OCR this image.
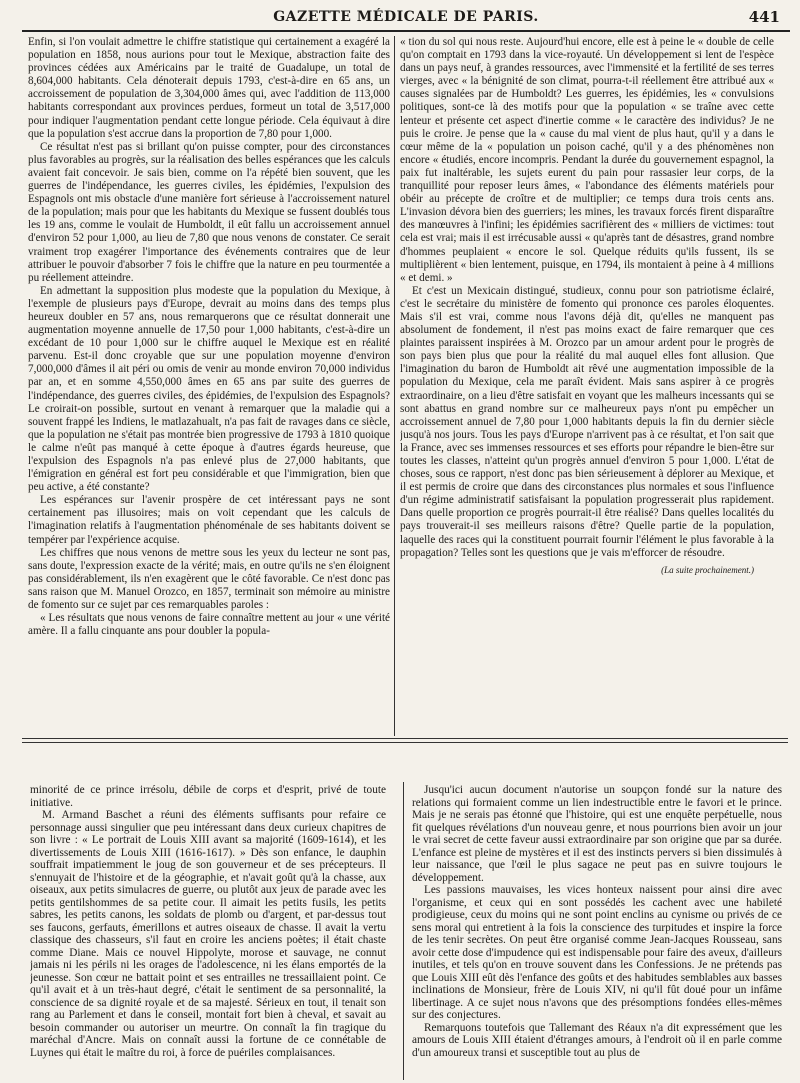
GAZETTE MÉDICALE DE PARIS.	441

Enfin, si l'on voulait admettre le chiffre statistique qui certainement a exagéré la population en 1858, nous aurions pour tout le Mexique, abstraction faite des provinces cédées aux Américains par le traité de Guadalupe, un total de 8,604,000 habitants. Cela dénoterait depuis 1793, c'est-à-dire en 65 ans, un accroissement de population de 3,304,000 âmes qui, avec l'addition de 113,000 habitants correspondant aux provinces perdues, formeut un total de 3,517,000 pour indiquer l'augmentation pendant cette longue période. Cela équivaut à dire que la population s'est accrue dans la proportion de 7,80 pour 1,000.

Ce résultat n'est pas si brillant qu'on puisse compter, pour des circonstances plus favorables au progrès, sur la réalisation des belles espérances que les calculs avaient fait concevoir. Je sais bien, comme on l'a répété bien souvent, que les guerres de l'indépendance, les guerres civiles, les épidémies, l'expulsion des Espagnols ont mis obstacle d'une manière fort sérieuse à l'accroissement naturel de la population; mais pour que les habitants du Mexique se fussent doublés tous les 19 ans, comme le voulait de Humboldt, il eût fallu un accroissement annuel d'environ 52 pour 1,000, au lieu de 7,80 que nous venons de constater. Ce serait vraiment trop exagérer l'importance des événements contraires que de leur attribuer le pouvoir d'absorber 7 fois le chiffre que la nature en peu tourmentée a pu réellement atteindre.

En admettant la supposition plus modeste que la population du Mexique, à l'exemple de plusieurs pays d'Europe, devrait au moins dans des temps plus heureux doubler en 57 ans, nous remarquerons que ce résultat donnerait une augmentation moyenne annuelle de 17,50 pour 1,000 habitants, c'est-à-dire un excédant de 10 pour 1,000 sur le chiffre auquel le Mexique est en réalité parvenu. Est-il donc croyable que sur une population moyenne d'environ 7,000,000 d'âmes il ait péri ou omis de venir au monde environ 70,000 individus par an, et en somme 4,550,000 âmes en 65 ans par suite des guerres de l'indépendance, des guerres civiles, des épidémies, de l'expulsion des Espagnols? Le croirait-on possible, surtout en venant à remarquer que la maladie qui a souvent frappé les Indiens, le matlazahualt, n'a pas fait de ravages dans ce siècle, que la population ne s'était pas montrée bien progressive de 1793 à 1810 quoique le calme n'eût pas manqué à cette époque à d'autres égards heureuse, que l'expulsion des Espagnols n'a pas enlevé plus de 27,000 habitants, que l'émigration en général est fort peu considérable et que l'immigration, bien que peu active, a été constante?

Les espérances sur l'avenir prospère de cet intéressant pays ne sont certainement pas illusoires; mais on voit cependant que les calculs de l'imagination relatifs à l'augmentation phénoménale de ses habitants doivent se tempérer par l'expérience acquise.

Les chiffres que nous venons de mettre sous les yeux du lecteur ne sont pas, sans doute, l'expression exacte de la vérité; mais, en outre qu'ils ne s'en éloignent pas considérablement, ils n'en exagèrent que le côté favorable. Ce n'est donc pas sans raison que M. Manuel Orozco, en 1857, terminait son mémoire au ministre de fomento sur ce sujet par ces remarquables paroles :

« Les résultats que nous venons de faire connaître mettent au jour « une vérité amère. Il a fallu cinquante ans pour doubler la popula-

« tion du sol qui nous reste. Aujourd'hui encore, elle est à peine le « double de celle qu'on comptait en 1793 dans la vice-royauté. Un développement si lent de l'espèce dans un pays neuf, à grandes ressources, avec l'immensité et la fertilité de ses terres vierges, avec « la bénignité de son climat, pourra-t-il réellement être attribué aux « causes signalées par de Humboldt? Les guerres, les épidémies, les « convulsions politiques, sont-ce là des motifs pour que la population « se traîne avec cette lenteur et présente cet aspect d'inertie comme « le caractère des individus? Je ne puis le croire. Je pense que la « cause du mal vient de plus haut, qu'il y a dans le cœur même de la « population un poison caché, qu'il y a des phénomènes non encore « étudiés, encore incompris. Pendant la durée du gouvernement espagnol, la paix fut inaltérable, les sujets eurent du pain pour rassasier leur corps, de la tranquillité pour reposer leurs âmes, « l'abondance des éléments matériels pour obéir au précepte de croître et de multiplier; ce temps dura trois cents ans. L'invasion dévora bien des guerriers; les mines, les travaux forcés firent disparaître des manœuvres à l'infini; les épidémies sacrifièrent des « milliers de victimes: tout cela est vrai; mais il est irrécusable aussi « qu'après tant de désastres, grand nombre d'hommes peuplaient « encore le sol. Quelque réduits qu'ils fussent, ils se multiplièrent « bien lentement, puisque, en 1794, ils montaient à peine à 4 millions « et demi. »

Et c'est un Mexicain distingué, studieux, connu pour son patriotisme éclairé, c'est le secrétaire du ministère de fomento qui prononce ces paroles éloquentes. Mais s'il est vrai, comme nous l'avons déjà dit, qu'elles ne manquent pas absolument de fondement, il n'est pas moins exact de faire remarquer que ces plaintes paraissent inspirées à M. Orozco par un amour ardent pour le progrès de son pays bien plus que pour la réalité du mal auquel elles font allusion. Que l'imagination du baron de Humboldt ait rêvé une augmentation impossible de la population du Mexique, cela me paraît évident. Mais sans aspirer à ce progrès extraordinaire, on a lieu d'être satisfait en voyant que les malheurs incessants qui se sont abattus en grand nombre sur ce malheureux pays n'ont pu empêcher un accroissement annuel de 7,80 pour 1,000 habitants depuis la fin du dernier siècle jusqu'à nos jours. Tous les pays d'Europe n'arrivent pas à ce résultat, et l'on sait que la France, avec ses immenses ressources et ses efforts pour répandre le bien-être sur toutes les classes, n'atteint qu'un progrès annuel d'environ 5 pour 1,000. L'état de choses, sous ce rapport, n'est donc pas bien sérieusement à déplorer au Mexique, et il est permis de croire que dans des circonstances plus normales et sous l'influence d'un régime administratif satisfaisant la population progresserait plus rapidement. Dans quelle proportion ce progrès pourrait-il être réalisé? Dans quelles localités du pays trouverait-il ses meilleurs raisons d'être? Quelle partie de la population, laquelle des races qui la constituent pourrait fournir l'élément le plus favorable à la propagation? Telles sont les questions que je vais m'efforcer de résoudre.

(La suite prochainement.)

minorité de ce prince irrésolu, débile de corps et d'esprit, privé de toute initiative.

M. Armand Baschet a réuni des éléments suffisants pour refaire ce personnage aussi singulier que peu intéressant dans deux curieux chapitres de son livre : « Le portrait de Louis XIII avant sa majorité (1609-1614), et les divertissements de Louis XIII (1616-1617). » Dès son enfance, le dauphin souffrait impatiemment le joug de son gouverneur et de ses précepteurs. Il s'ennuyait de l'histoire et de la géographie, et n'avait goût qu'à la chasse, aux oiseaux, aux petits simulacres de guerre, ou plutôt aux jeux de parade avec les petits gentilshommes de sa petite cour. Il aimait les petits fusils, les petits sabres, les petits canons, les soldats de plomb ou d'argent, et par-dessus tout ses faucons, gerfauts, émerillons et autres oiseaux de chasse. Il avait la vertu classique des chasseurs, s'il faut en croire les anciens poètes; il était chaste comme Diane. Mais ce nouvel Hippolyte, morose et sauvage, ne connut jamais ni les périls ni les orages de l'adolescence, ni les élans emportés de la jeunesse. Son cœur ne battait point et ses entrailles ne tressaillaient point. Ce qu'il avait et à un très-haut degré, c'était le sentiment de sa personnalité, la conscience de sa dignité royale et de sa majesté. Sérieux en tout, il tenait son rang au Parlement et dans le conseil, montait fort bien à cheval, et savait au besoin commander ou autoriser un meurtre. On connaît la fin tragique du maréchal d'Ancre. Mais on connaît aussi la fortune de ce connétable de Luynes qui était le maître du roi, à force de puériles complaisances.

Jusqu'ici aucun document n'autorise un soupçon fondé sur la nature des relations qui formaient comme un lien indestructible entre le favori et le prince. Mais je ne serais pas étonné que l'histoire, qui est une enquête perpétuelle, nous fit quelques révélations d'un nouveau genre, et nous pourrions bien avoir un jour le vrai secret de cette faveur aussi extraordinaire par son origine que par sa durée. L'enfance est pleine de mystères et il est des instincts pervers si bien dissimulés à leur naissance, que l'œil le plus sagace ne peut pas en suivre toujours le développement.

Les passions mauvaises, les vices honteux naissent pour ainsi dire avec l'organisme, et ceux qui en sont possédés les cachent avec une habileté prodigieuse, ceux du moins qui ne sont point enclins au cynisme ou privés de ce sens moral qui entretient à la fois la conscience des turpitudes et inspire la force de les tenir secrètes. On peut être organisé comme Jean-Jacques Rousseau, sans avoir cette dose d'impudence qui est indispensable pour faire des aveux, d'ailleurs inutiles, et tels qu'on en trouve souvent dans les Confessions. Je ne prétends pas que Louis XIII eût dès l'enfance des goûts et des habitudes semblables aux basses inclinations de Monsieur, frère de Louis XIV, ni qu'il fût doué pour un infâme libertinage. A ce sujet nous n'avons que des présomptions fondées elles-mêmes sur des conjectures.

Remarquons toutefois que Tallemant des Réaux n'a dit expressément que les amours de Louis XIII étaient d'étranges amours, à l'endroit où il en parle comme d'un amoureux transi et susceptible tout au plus de
